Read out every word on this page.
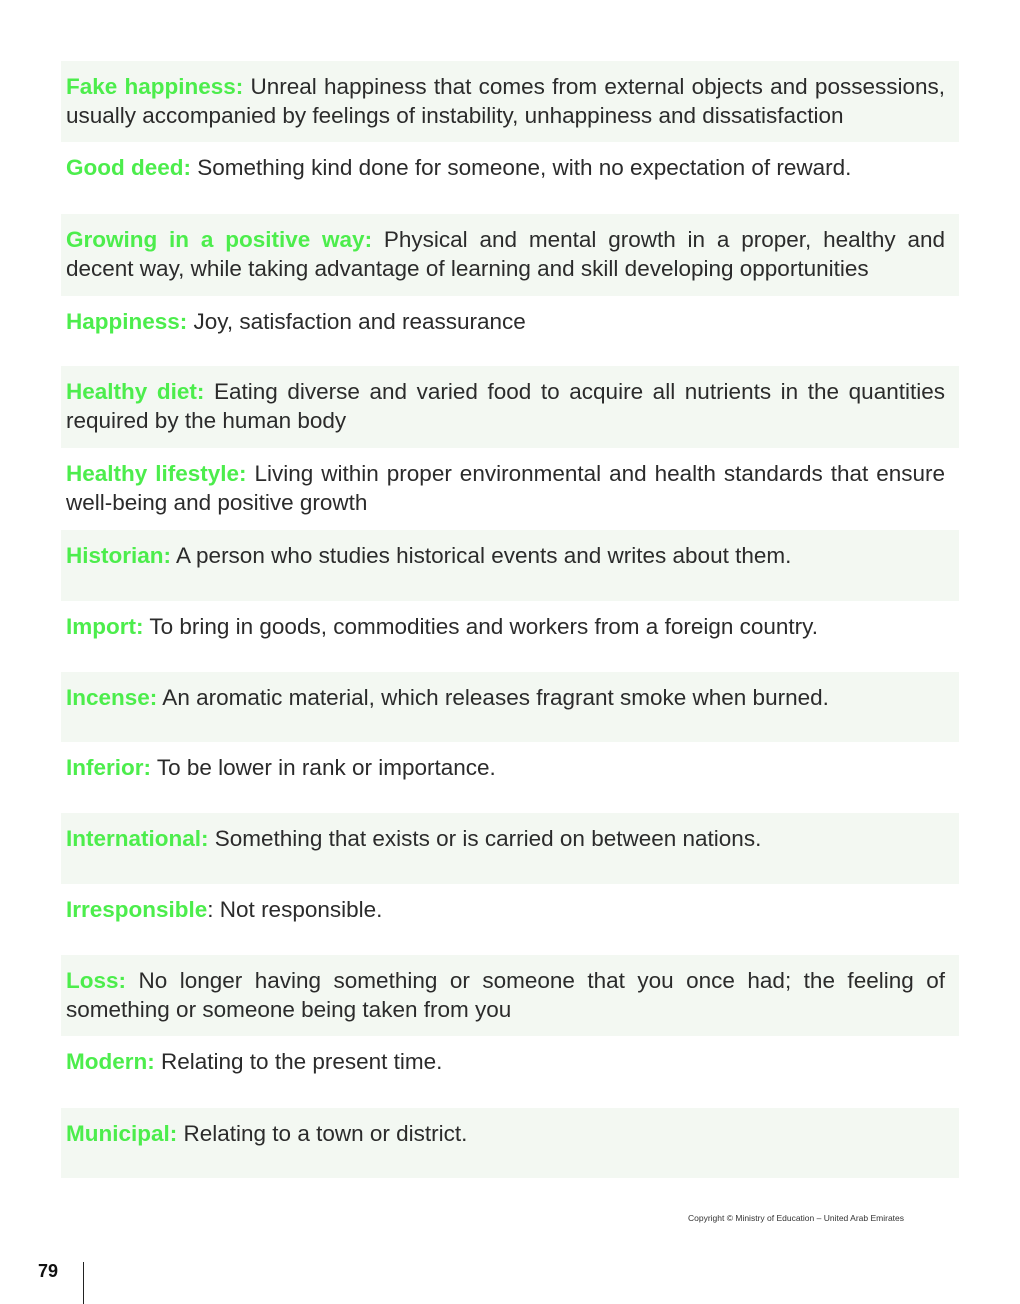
Fake happiness: Unreal happiness that comes from external objects and possessions, usually accompanied by feelings of instability, unhappiness and dissatisfaction
Good deed: Something kind done for someone, with no expectation of reward.
Growing in a positive way: Physical and mental growth in a proper, healthy and decent way, while taking advantage of learning and skill developing opportunities
Happiness: Joy, satisfaction and reassurance
Healthy diet: Eating diverse and varied food to acquire all nutrients in the quantities required by the human body
Healthy lifestyle: Living within proper environmental and health standards that ensure well-being and positive growth
Historian: A person who studies historical events and writes about them.
Import: To bring in goods, commodities and workers from a foreign country.
Incense: An aromatic material, which releases fragrant smoke when burned.
Inferior: To be lower in rank or importance.
International: Something that exists or is carried on between nations.
Irresponsible: Not responsible.
Loss: No longer having something or someone that you once had; the feeling of something or someone being taken from you
Modern: Relating to the present time.
Municipal: Relating to a town or district.
Copyright © Ministry of Education – United Arab Emirates
79
